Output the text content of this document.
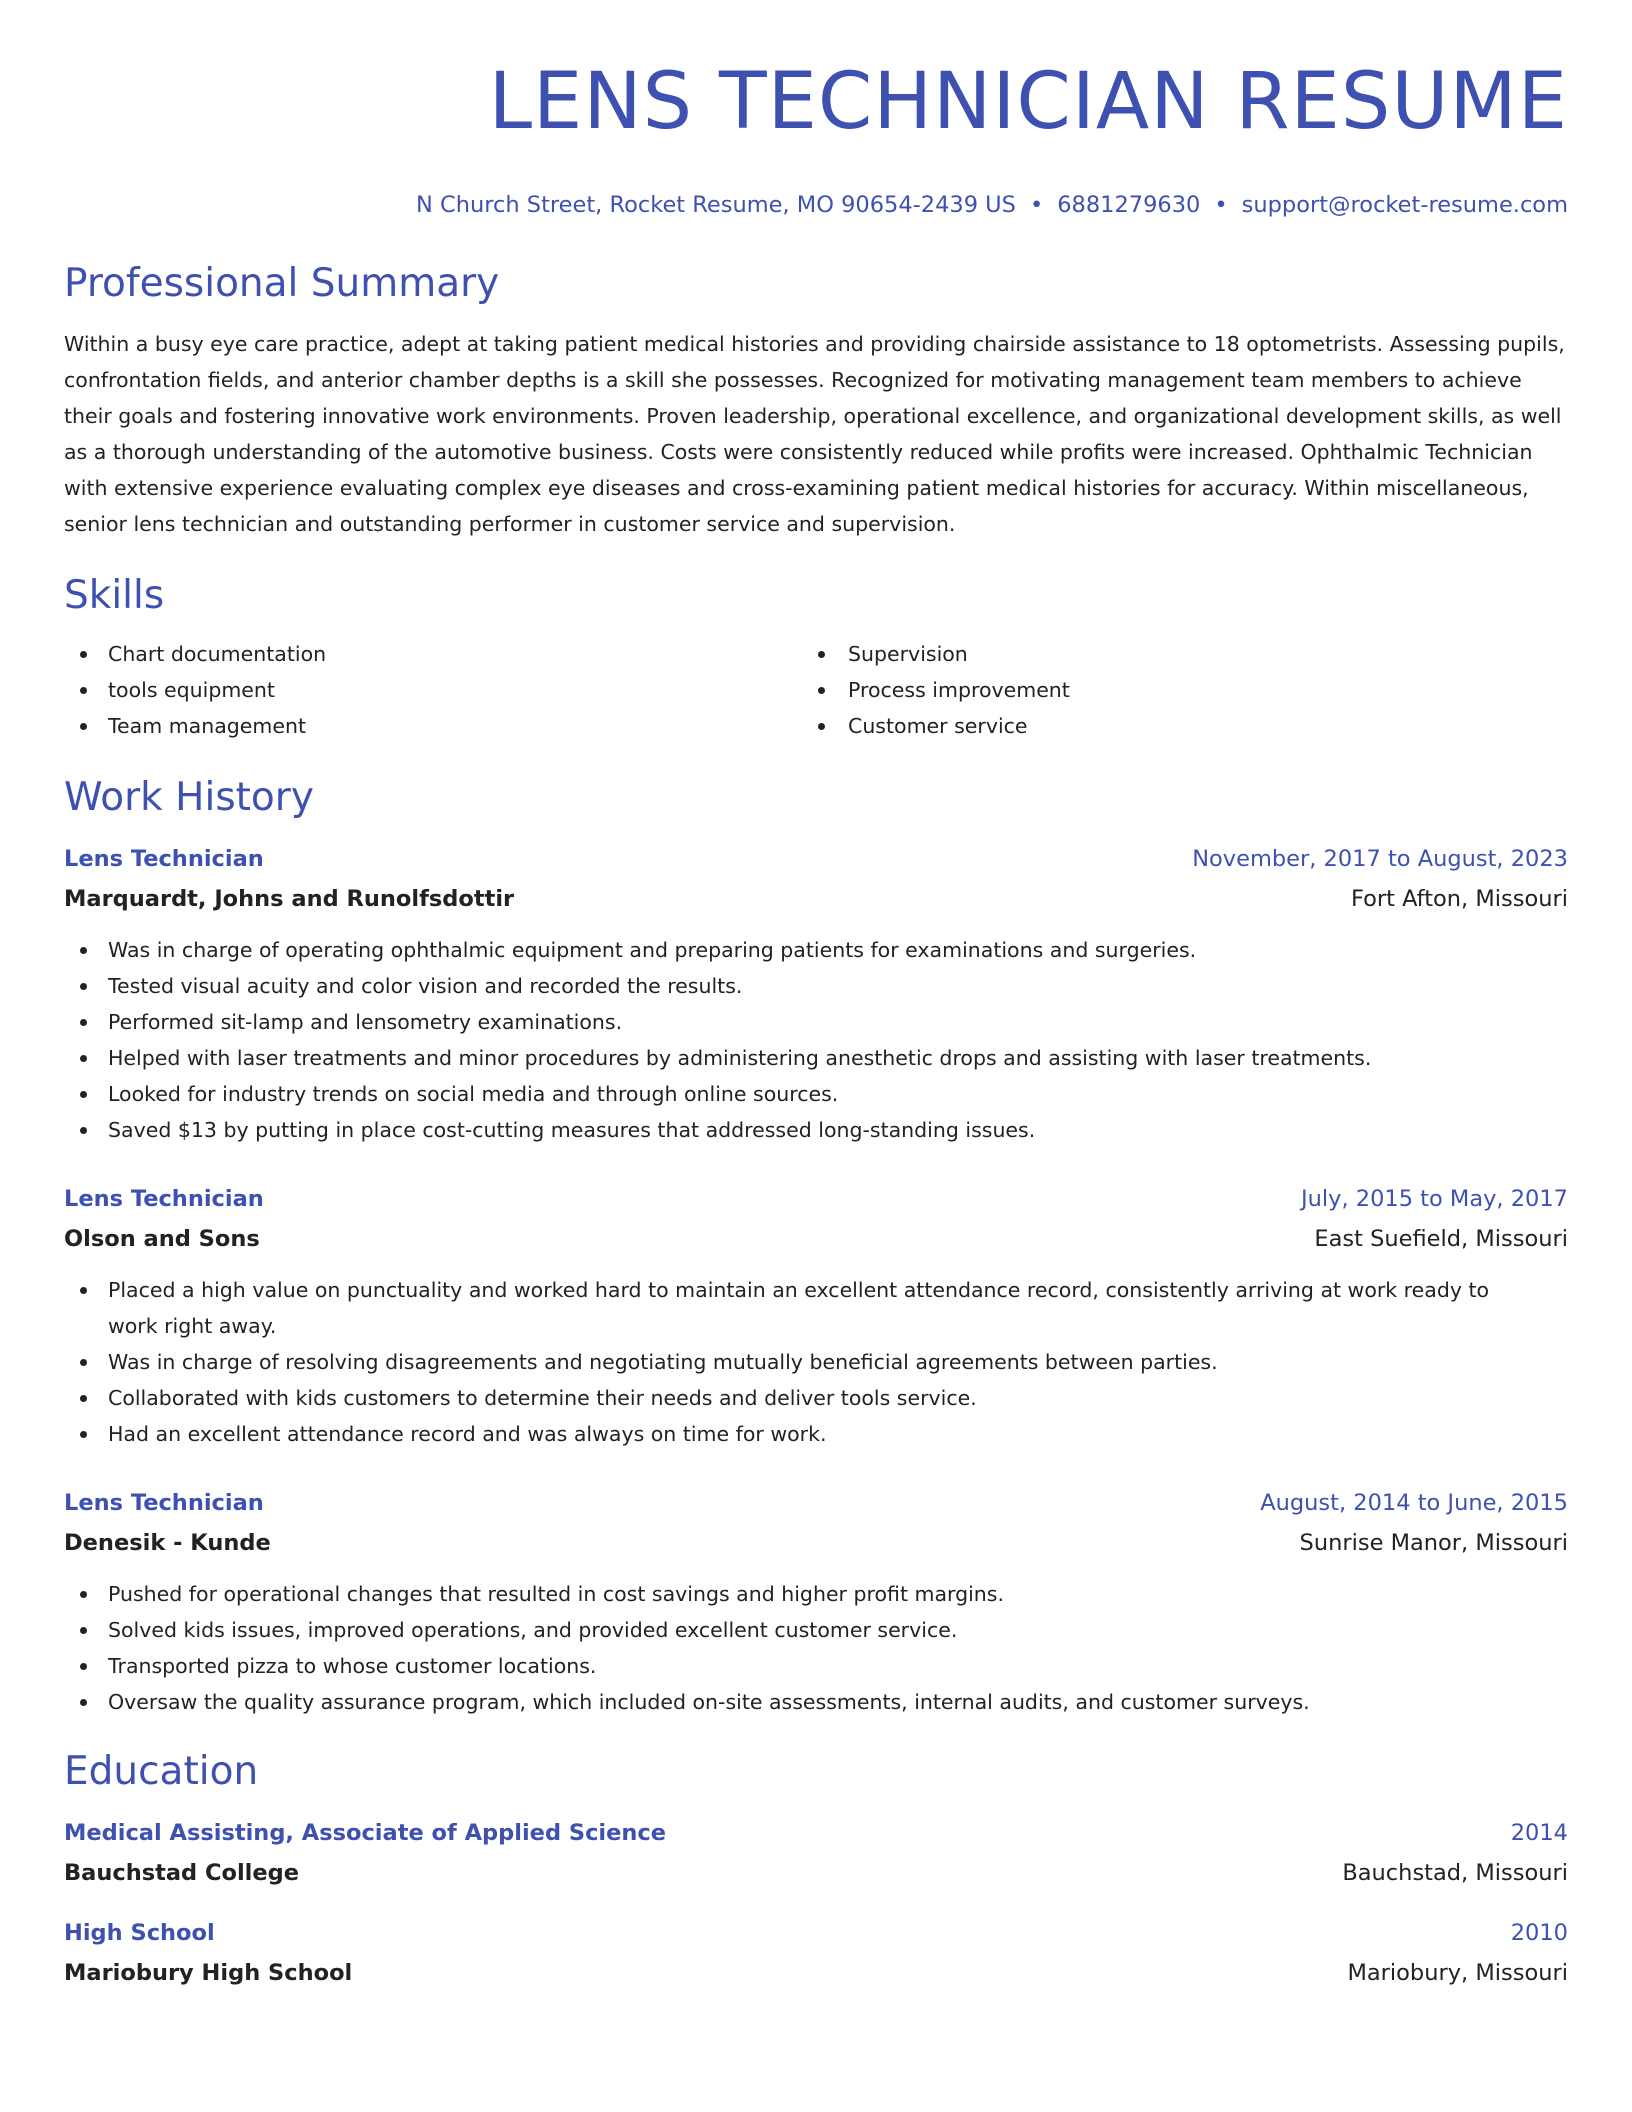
LENS TECHNICIAN RESUME
N Church Street, Rocket Resume, MO 90654-2439 US • 6881279630 • support@rocket-resume.com
Professional Summary

Within a busy eye care practice, adept at taking patient medical histories and providing chairside assistance to 18 optometrists. Assessing pupils, confrontation fields, and anterior chamber depths is a skill she possesses. Recognized for motivating management team members to achieve their goals and fostering innovative work environments. Proven leadership, operational excellence, and organizational development skills, as well as a thorough understanding of the automotive business. Costs were consistently reduced while profits were increased. Ophthalmic Technician with extensive experience evaluating complex eye diseases and cross-examining patient medical histories for accuracy. Within miscellaneous, senior lens technician and outstanding performer in customer service and supervision.

Skills
Chart documentation
tools equipment
Team management
Supervision
Process improvement
Customer service
Work History
Lens Technician	November, 2017 to August, 2023
Marquardt, Johns and Runolfsdottir	Fort Afton, Missouri
Was in charge of operating ophthalmic equipment and preparing patients for examinations and surgeries.
Tested visual acuity and color vision and recorded the results.
Performed sit-lamp and lensometry examinations.
Helped with laser treatments and minor procedures by administering anesthetic drops and assisting with laser treatments.
Looked for industry trends on social media and through online sources.
Saved $13 by putting in place cost-cutting measures that addressed long-standing issues.
Lens Technician	July, 2015 to May, 2017
Olson and Sons	East Suefield, Missouri
Placed a high value on punctuality and worked hard to maintain an excellent attendance record, consistently arriving at work ready to work right away.
Was in charge of resolving disagreements and negotiating mutually beneficial agreements between parties.
Collaborated with kids customers to determine their needs and deliver tools service.
Had an excellent attendance record and was always on time for work.
Lens Technician	August, 2014 to June, 2015
Denesik - Kunde	Sunrise Manor, Missouri
Pushed for operational changes that resulted in cost savings and higher profit margins.
Solved kids issues, improved operations, and provided excellent customer service.
Transported pizza to whose customer locations.
Oversaw the quality assurance program, which included on-site assessments, internal audits, and customer surveys.
Education
Medical Assisting, Associate of Applied Science	2014
Bauchstad College	Bauchstad, Missouri
High School	2010
Mariobury High School	Mariobury, Missouri
